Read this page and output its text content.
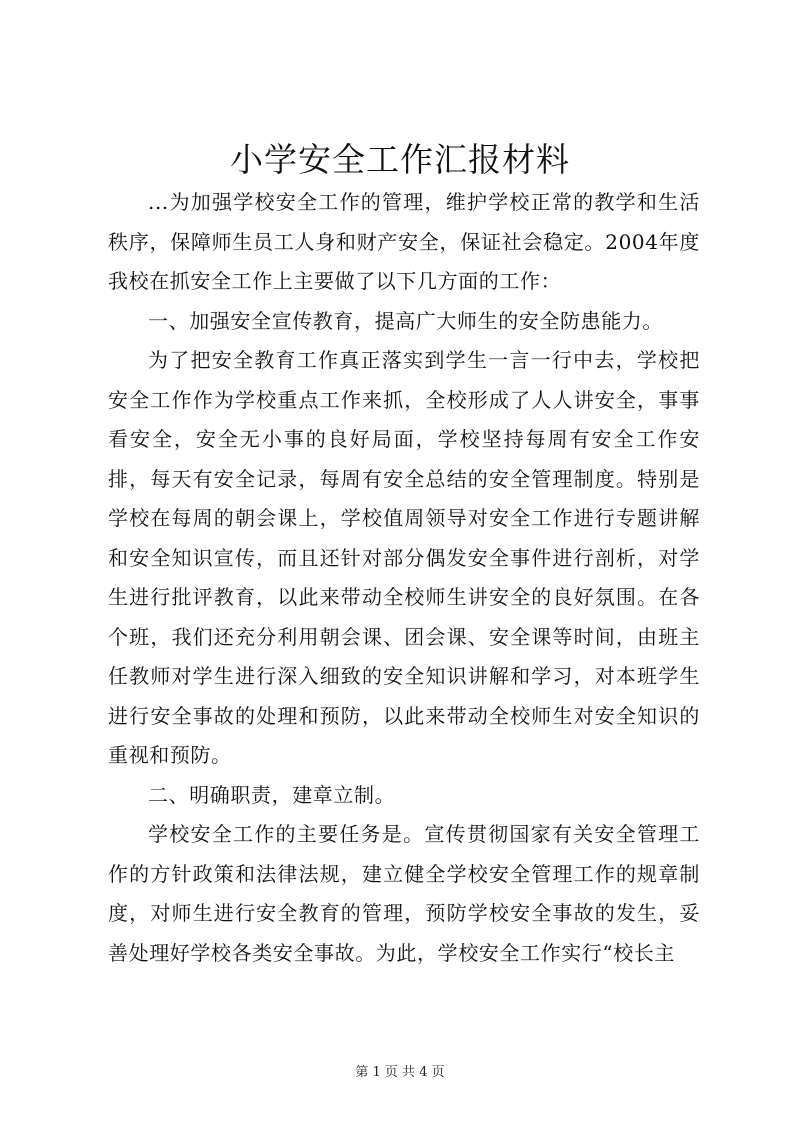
小学安全工作汇报材料

...为加强学校安全工作的管理，维护学校正常的教学和生活秩序，保障师生员工人身和财产安全，保证社会稳定。2004年度我校在抓安全工作上主要做了以下几方面的工作：

一、加强安全宣传教育，提高广大师生的安全防患能力。

为了把安全教育工作真正落实到学生一言一行中去，学校把安全工作作为学校重点工作来抓，全校形成了人人讲安全，事事看安全，安全无小事的良好局面，学校坚持每周有安全工作安排，每天有安全记录，每周有安全总结的安全管理制度。特别是学校在每周的朝会课上，学校值周领导对安全工作进行专题讲解和安全知识宣传，而且还针对部分偶发安全事件进行剖析，对学生进行批评教育，以此来带动全校师生讲安全的良好氛围。在各个班，我们还充分利用朝会课、团会课、安全课等时间，由班主任教师对学生进行深入细致的安全知识讲解和学习，对本班学生进行安全事故的处理和预防，以此来带动全校师生对安全知识的重视和预防。

二、明确职责，建章立制。

学校安全工作的主要任务是。宣传贯彻国家有关安全管理工作的方针政策和法律法规，建立健全学校安全管理工作的规章制度，对师生进行安全教育的管理，预防学校安全事故的发生，妥善处理好学校各类安全事故。为此，学校安全工作实行“校长主

第 1 页 共 4 页
